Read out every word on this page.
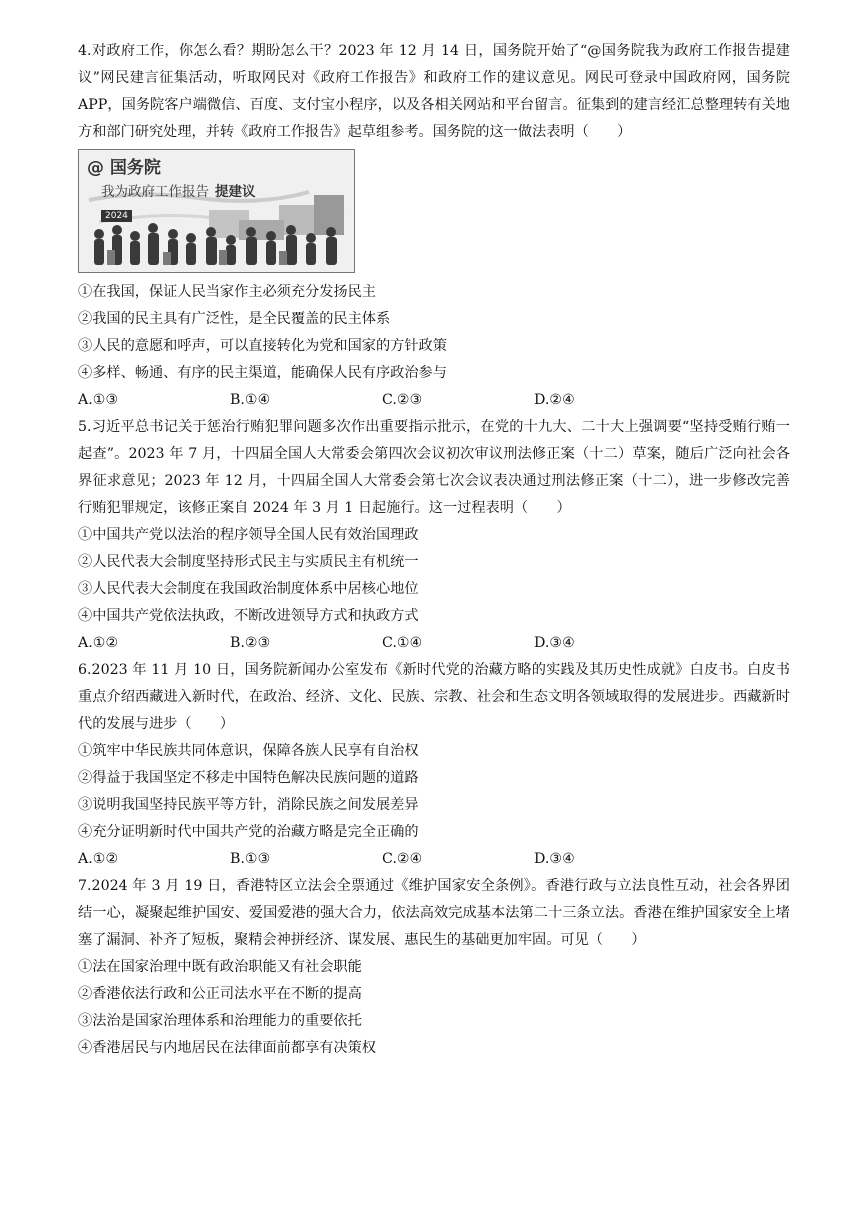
4.对政府工作，你怎么看？期盼怎么干？2023 年 12 月 14 日，国务院开始了“@国务院我为政府工作报告提建议”网民建言征集活动，听取网民对《政府工作报告》和政府工作的建议意见。网民可登录中国政府网，国务院 APP，国务院客户端微信、百度、支付宝小程序，以及各相关网站和平台留言。征集到的建言经汇总整理转有关地方和部门研究处理，并转《政府工作报告》起草组参考。国务院的这一做法表明（　　）

@ 国务院
我为政府工作报告 提建议
2024

①在我国，保证人民当家作主必须充分发扬民主

②我国的民主具有广泛性，是全民覆盖的民主体系

③人民的意愿和呼声，可以直接转化为党和国家的方针政策

④多样、畅通、有序的民主渠道，能确保人民有序政治参与

A.①③	B.①④	C.②③	D.②④

5.习近平总书记关于惩治行贿犯罪问题多次作出重要指示批示，在党的十九大、二十大上强调要“坚持受贿行贿一起查”。2023 年 7 月，十四届全国人大常委会第四次会议初次审议刑法修正案（十二）草案，随后广泛向社会各界征求意见；2023 年 12 月，十四届全国人大常委会第七次会议表决通过刑法修正案（十二），进一步修改完善行贿犯罪规定，该修正案自 2024 年 3 月 1 日起施行。这一过程表明（　　）

①中国共产党以法治的程序领导全国人民有效治国理政

②人民代表大会制度坚持形式民主与实质民主有机统一

③人民代表大会制度在我国政治制度体系中居核心地位

④中国共产党依法执政，不断改进领导方式和执政方式

A.①②	B.②③	C.①④	D.③④

6.2023 年 11 月 10 日，国务院新闻办公室发布《新时代党的治藏方略的实践及其历史性成就》白皮书。白皮书重点介绍西藏进入新时代，在政治、经济、文化、民族、宗教、社会和生态文明各领域取得的发展进步。西藏新时代的发展与进步（　　）

①筑牢中华民族共同体意识，保障各族人民享有自治权

②得益于我国坚定不移走中国特色解决民族问题的道路

③说明我国坚持民族平等方针，消除民族之间发展差异

④充分证明新时代中国共产党的治藏方略是完全正确的

A.①②	B.①③	C.②④	D.③④

7.2024 年 3 月 19 日，香港特区立法会全票通过《维护国家安全条例》。香港行政与立法良性互动，社会各界团结一心，凝聚起维护国安、爱国爱港的强大合力，依法高效完成基本法第二十三条立法。香港在维护国家安全上堵塞了漏洞、补齐了短板，聚精会神拼经济、谋发展、惠民生的基础更加牢固。可见（　　）

①法在国家治理中既有政治职能又有社会职能

②香港依法行政和公正司法水平在不断的提高

③法治是国家治理体系和治理能力的重要依托

④香港居民与内地居民在法律面前都享有决策权
